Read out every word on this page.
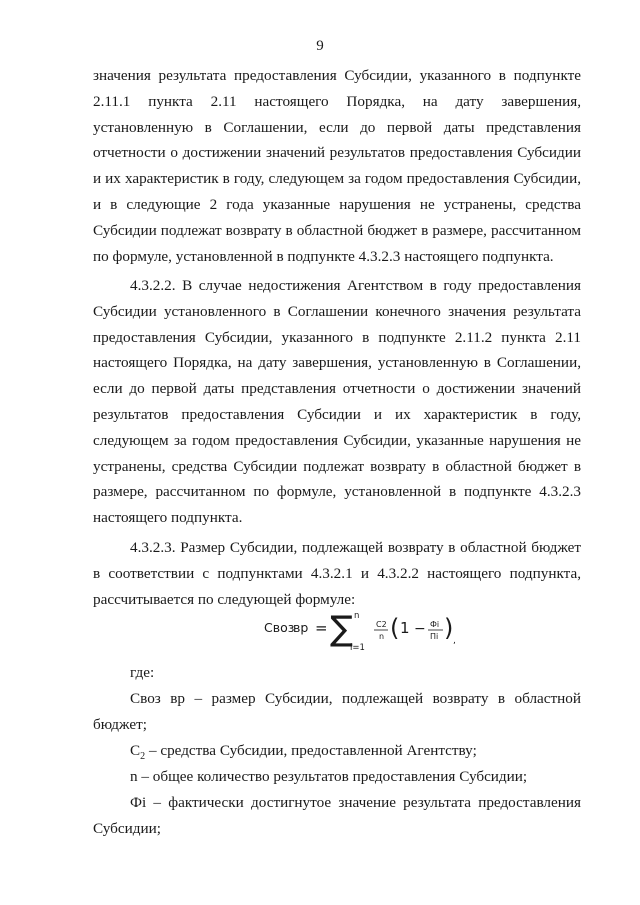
9

значения результата предоставления Субсидии, указанного в подпункте 2.11.1 пункта 2.11 настоящего Порядка, на дату завершения, установленную в Соглашении, если до первой даты представления отчетности о достижении значений результатов предоставления Субсидии и их характеристик в году, следующем за годом предоставления Субсидии, и в следующие 2 года указанные нарушения не устранены, средства Субсидии подлежат возврату в областной бюджет в размере, рассчитанном по формуле, установленной в подпункте 4.3.2.3 настоящего подпункта.

4.3.2.2. В случае недостижения Агентством в году предоставления Субсидии установленного в Соглашении конечного значения результата предоставления Субсидии, указанного в подпункте 2.11.2 пункта 2.11 настоящего Порядка, на дату завершения, установленную в Соглашении, если до первой даты представления отчетности о достижении значений результатов предоставления Субсидии и их характеристик в году, следующем за годом предоставления Субсидии, указанные нарушения не устранены, средства Субсидии подлежат возврату в областной бюджет в размере, рассчитанном по формуле, установленной в подпункте 4.3.2.3 настоящего подпункта.

4.3.2.3. Размер Субсидии, подлежащей возврату в областной бюджет в соответствии с подпунктами 4.3.2.1 и 4.3.2.2 настоящего подпункта, рассчитывается по следующей формуле:

Своз
вр = ∑ n
i=1
C2
n ( 1 − Фi
Пi ) ,

где:

Своз вр – размер Субсидии, подлежащей возврату в областной бюджет;

$С_2$ – средства Субсидии, предоставленной Агентству;

n – общее количество результатов предоставления Субсидии;

Фi – фактически достигнутое значение результата предоставления Субсидии;
